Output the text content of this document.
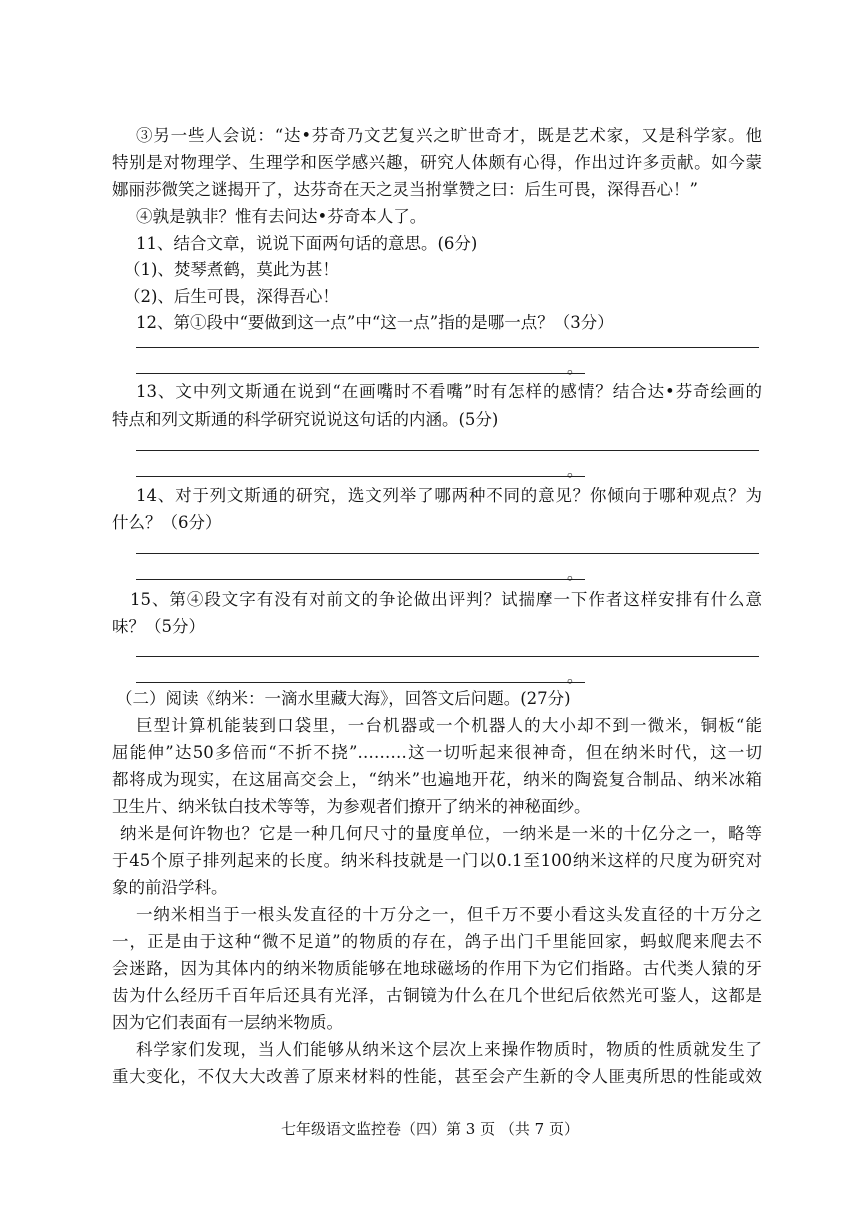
③另一些人会说：“达•芬奇乃文艺复兴之旷世奇才，既是艺术家，又是科学家。他
特别是对物理学、生理学和医学感兴趣，研究人体颇有心得，作出过许多贡献。如今蒙
娜丽莎微笑之谜揭开了，达芬奇在天之灵当拊掌赞之曰：后生可畏，深得吾心！”
④孰是孰非？惟有去问达•芬奇本人了。
11、结合文章，说说下面两句话的意思。(6分)
（1)、焚琴煮鹤，莫此为甚！
（2)、后生可畏，深得吾心！
12、第①段中“要做到这一点”中“这一点”指的是哪一点？（3分）
。
13、文中列文斯通在说到“在画嘴时不看嘴”时有怎样的感情？结合达•芬奇绘画的
特点和列文斯通的科学研究说说这句话的内涵。(5分)
。
14、对于列文斯通的研究，选文列举了哪两种不同的意见？你倾向于哪种观点？为
什么？（6分）
。
15、第④段文字有没有对前文的争论做出评判？试揣摩一下作者这样安排有什么意
味？（5分）
。
（二）阅读《纳米：一滴水里藏大海》，回答文后问题。(27分)
巨型计算机能装到口袋里，一台机器或一个机器人的大小却不到一微米，铜板“能
屈能伸”达50多倍而“不折不挠”………这一切听起来很神奇，但在纳米时代，这一切
都将成为现实，在这届高交会上，“纳米”也遍地开花，纳米的陶瓷复合制品、纳米冰箱
卫生片、纳米钛白技术等等，为参观者们撩开了纳米的神秘面纱。
纳米是何许物也？它是一种几何尺寸的量度单位，一纳米是一米的十亿分之一，略等
于45个原子排列起来的长度。纳米科技就是一门以0.1至100纳米这样的尺度为研究对
象的前沿学科。
一纳米相当于一根头发直径的十万分之一，但千万不要小看这头发直径的十万分之
一，正是由于这种“微不足道”的物质的存在，鸽子出门千里能回家，蚂蚁爬来爬去不
会迷路，因为其体内的纳米物质能够在地球磁场的作用下为它们指路。古代类人猿的牙
齿为什么经历千百年后还具有光泽，古铜镜为什么在几个世纪后依然光可鉴人，这都是
因为它们表面有一层纳米物质。
科学家们发现，当人们能够从纳米这个层次上来操作物质时，物质的性质就发生了
重大变化，不仅大大改善了原来材料的性能，甚至会产生新的令人匪夷所思的性能或效
七年级语文监控卷（四）第 3 页 （共 7 页）
